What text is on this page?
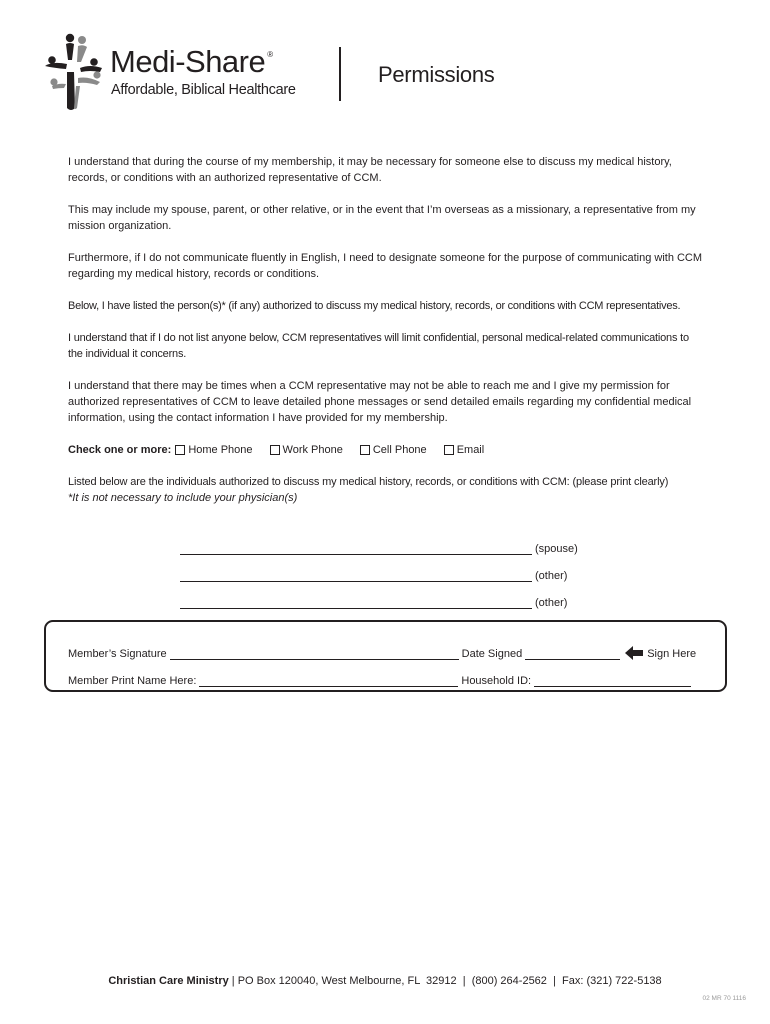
Medi-Share ®
Affordable, Biblical Healthcare
Permissions

I understand that during the course of my membership, it may be necessary for someone else to discuss my medical history, records, or conditions with an authorized representative of CCM.

This may include my spouse, parent, or other relative, or in the event that I’m overseas as a missionary, a representative from my mission organization.

Furthermore, if I do not communicate fluently in English, I need to designate someone for the purpose of communicating with CCM regarding my medical history, records or conditions.

Below, I have listed the person(s)* (if any) authorized to discuss my medical history, records, or conditions with CCM representatives.

I understand that if I do not list anyone below, CCM representatives will limit confidential, personal medical-related communications to the individual it concerns.

I understand that there may be times when a CCM representative may not be able to reach me and I give my permission for authorized representatives of CCM to leave detailed phone messages or send detailed emails regarding my confidential medical information, using the contact information I have provided for my membership.

Check one or more: Home Phone	Work Phone	Cell Phone	Email
Listed below are the individuals authorized to discuss my medical history, records, or conditions with CCM: (please print clearly)
*It is not necessary to include your physician(s)
(spouse)
(other)
(other)
Member’s Signature	Date Signed	Sign Here
Member Print Name Here:	Household ID:
Christian Care Ministry | PO Box 120040, West Melbourne, FL  32912  |  (800) 264-2562  |  Fax: (321) 722-5138
02 MR 70 1116
